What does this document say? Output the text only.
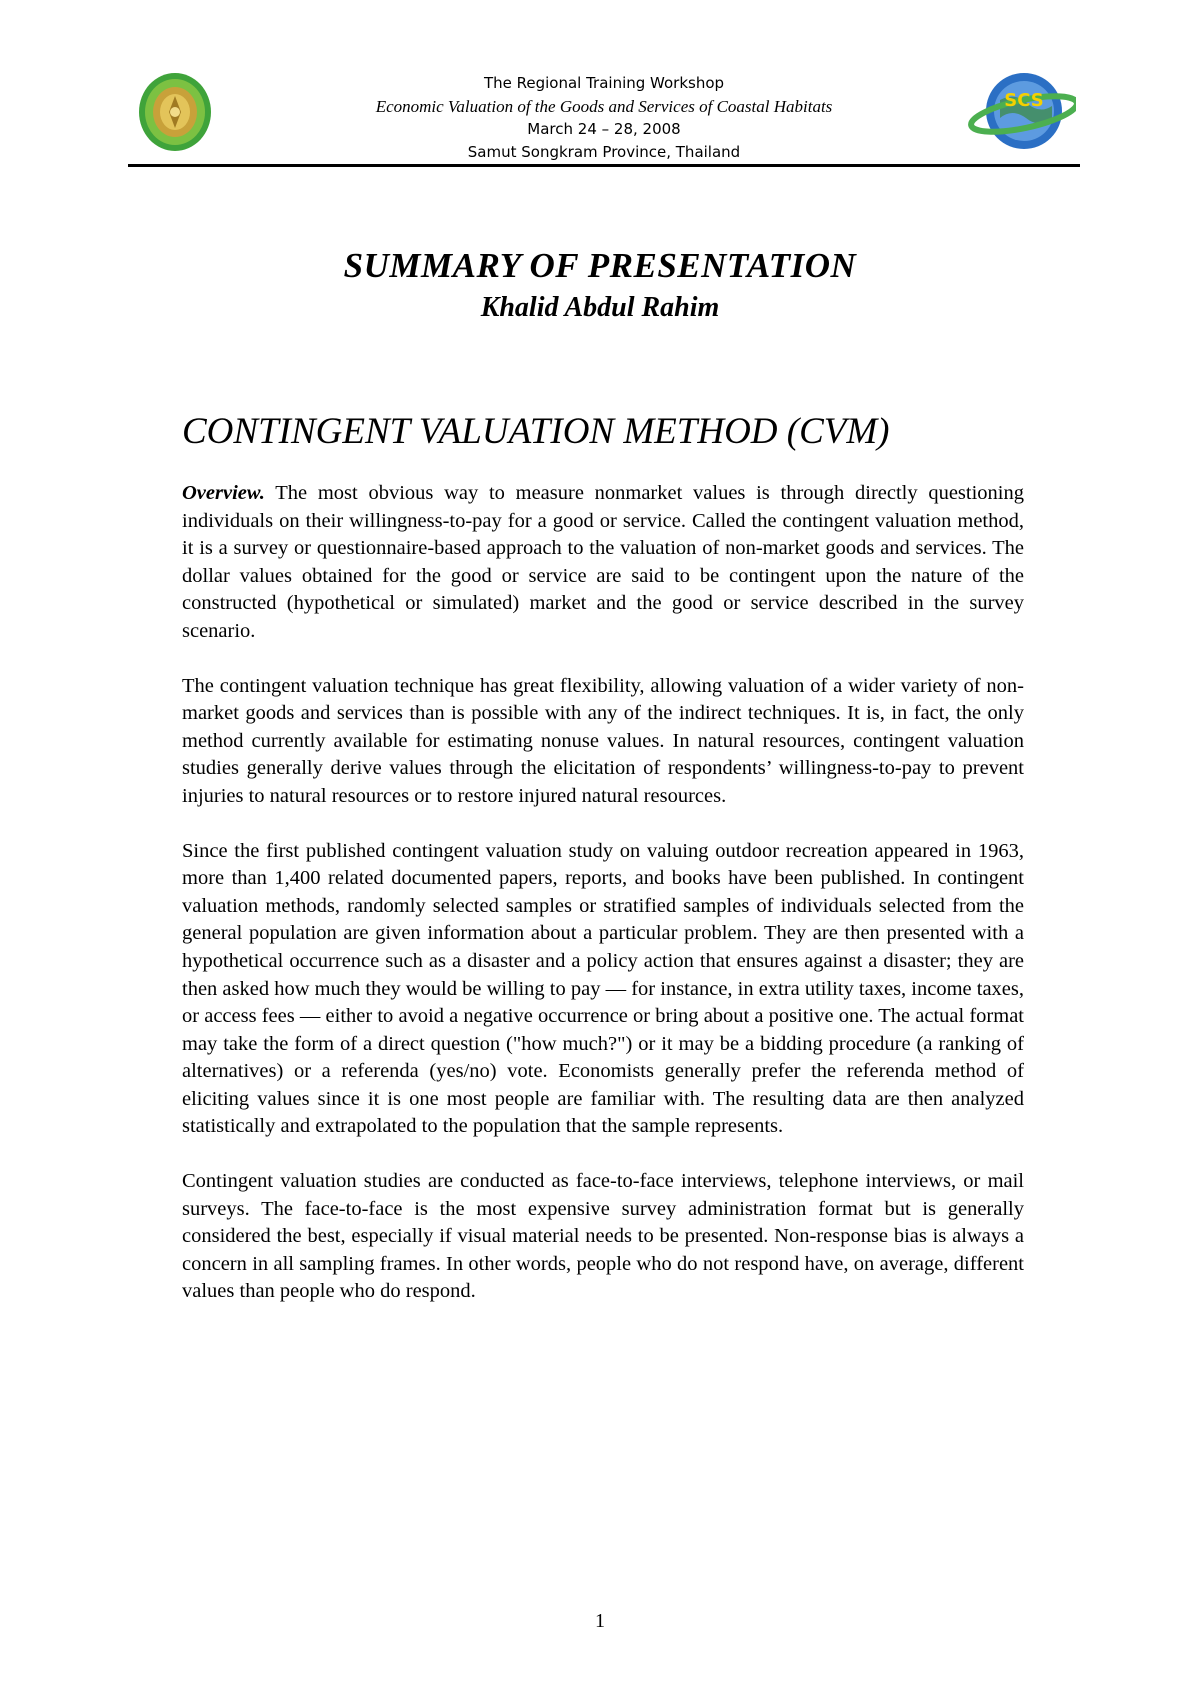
The Regional Training Workshop
Economic Valuation of the Goods and Services of Coastal Habitats
March 24 – 28, 2008
Samut Songkram Province, Thailand
SCS
SUMMARY OF PRESENTATION
Khalid Abdul Rahim
CONTINGENT VALUATION METHOD (CVM)

Overview. The most obvious way to measure nonmarket values is through directly questioning individuals on their willingness-to-pay for a good or service. Called the contingent valuation method, it is a survey or questionnaire-based approach to the valuation of non-market goods and services. The dollar values obtained for the good or service are said to be contingent upon the nature of the constructed (hypothetical or simulated) market and the good or service described in the survey scenario.

The contingent valuation technique has great flexibility, allowing valuation of a wider variety of non-market goods and services than is possible with any of the indirect techniques. It is, in fact, the only method currently available for estimating nonuse values. In natural resources, contingent valuation studies generally derive values through the elicitation of respondents’ willingness-to-pay to prevent injuries to natural resources or to restore injured natural resources.

Since the first published contingent valuation study on valuing outdoor recreation appeared in 1963, more than 1,400 related documented papers, reports, and books have been published. In contingent valuation methods, randomly selected samples or stratified samples of individuals selected from the general population are given information about a particular problem. They are then presented with a hypothetical occurrence such as a disaster and a policy action that ensures against a disaster; they are then asked how much they would be willing to pay — for instance, in extra utility taxes, income taxes, or access fees — either to avoid a negative occurrence or bring about a positive one. The actual format may take the form of a direct question ("how much?") or it may be a bidding procedure (a ranking of alternatives) or a referenda (yes/no) vote. Economists generally prefer the referenda method of eliciting values since it is one most people are familiar with. The resulting data are then analyzed statistically and extrapolated to the population that the sample represents.

Contingent valuation studies are conducted as face-to-face interviews, telephone interviews, or mail surveys. The face-to-face is the most expensive survey administration format but is generally considered the best, especially if visual material needs to be presented. Non-response bias is always a concern in all sampling frames. In other words, people who do not respond have, on average, different values than people who do respond.

1
